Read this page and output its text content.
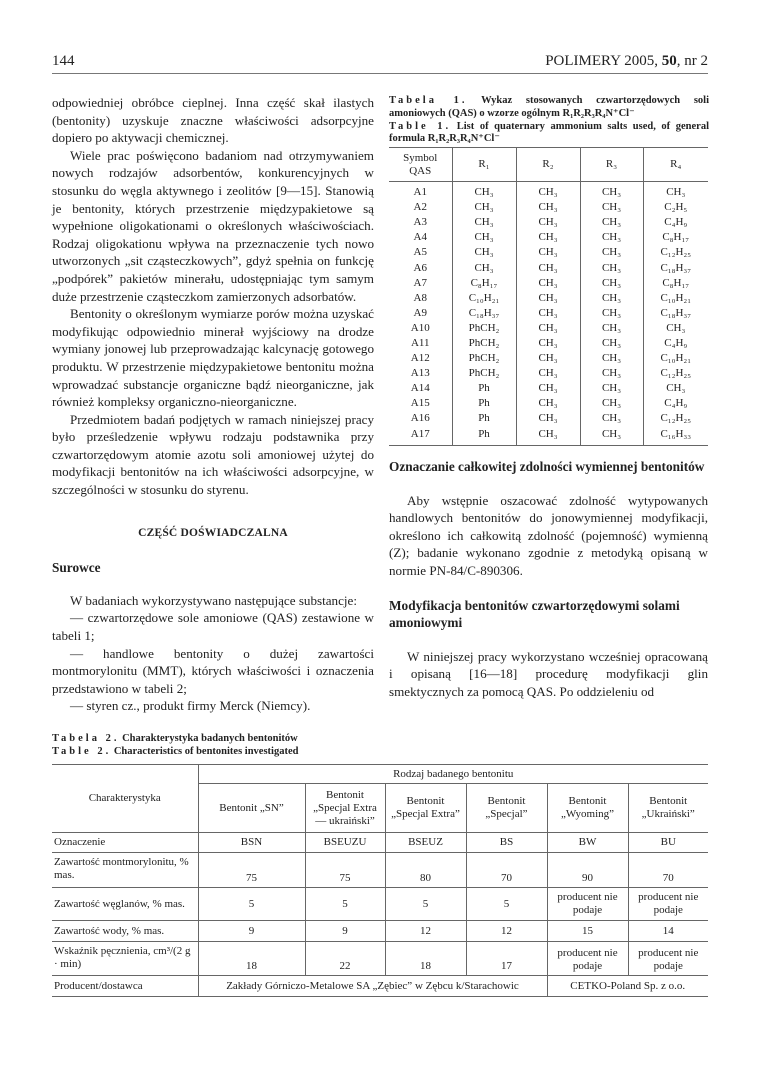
144	POLIMERY 2005, 50, nr 2

odpowiedniej obróbce cieplnej. Inna część skał ilastych (bentonity) uzyskuje znaczne właściwości adsorpcyjne dopiero po aktywacji chemicznej.

Wiele prac poświęcono badaniom nad otrzymywaniem nowych rodzajów adsorbentów, konkurencyjnych w stosunku do węgla aktywnego i zeolitów [9—15]. Stanowią je bentonity, których przestrzenie międzypakietowe są wypełnione oligokationami o określonych właściwościach. Rodzaj oligokationu wpływa na przeznaczenie tych nowo utworzonych „sit cząsteczkowych”, gdyż spełnia on funkcję „podpórek” pakietów minerału, udostępniając tym samym duże przestrzenie cząsteczkom zamierzonych adsorbatów.

Bentonity o określonym wymiarze porów można uzyskać modyfikując odpowiednio minerał wyjściowy na drodze wymiany jonowej lub przeprowadzając kalcynację gotowego produktu. W przestrzenie międzypakietowe bentonitu można wprowadzać substancje organiczne bądź nieorganiczne, jak również kompleksy organiczno-nieorganiczne.

Przedmiotem badań podjętych w ramach niniejszej pracy było prześledzenie wpływu rodzaju podstawnika przy czwartorzędowym atomie azotu soli amoniowej użytej do modyfikacji bentonitów na ich właściwości adsorpcyjne, w szczególności w stosunku do styrenu.

CZĘŚĆ DOŚWIADCZALNA

Surowce

W badaniach wykorzystywano następujące substancje:

— czwartorzędowe sole amoniowe (QAS) zestawione w tabeli 1;

— handlowe bentonity o dużej zawartości montmorylonitu (MMT), których właściwości i oznaczenia przedstawiono w tabeli 2;

— styren cz., produkt firmy Merck (Niemcy).

Tabela 1. Wykaz stosowanych czwartorzędowych soli amoniowych (QAS) o wzorze ogólnym R₁R₂R₃R₄N⁺Cl⁻

Table 1. List of quaternary ammonium salts used, of general formula R₁R₂R₃R₄N⁺Cl⁻

Symbol QAS	R₁	R₂	R₃	R₄
A1	CH₃	CH₃	CH₃	CH₃
A2	CH₃	CH₃	CH₃	C₂H₅
A3	CH₃	CH₃	CH₃	C₄H₉
A4	CH₃	CH₃	CH₃	C₈H₁₇
A5	CH₃	CH₃	CH₃	C₁₂H₂₅
A6	CH₃	CH₃	CH₃	C₁₈H₃₇
A7	C₈H₁₇	CH₃	CH₃	C₈H₁₇
A8	C₁₀H₂₁	CH₃	CH₃	C₁₀H₂₁
A9	C₁₈H₃₇	CH₃	CH₃	C₁₈H₃₇
A10	PhCH₂	CH₃	CH₃	CH₃
A11	PhCH₂	CH₃	CH₃	C₄H₉
A12	PhCH₂	CH₃	CH₃	C₁₀H₂₁
A13	PhCH₂	CH₃	CH₃	C₁₂H₂₅
A14	Ph	CH₃	CH₃	CH₃
A15	Ph	CH₃	CH₃	C₄H₉
A16	Ph	CH₃	CH₃	C₁₂H₂₅
A17	Ph	CH₃	CH₃	C₁₆H₃₃

Oznaczanie całkowitej zdolności wymiennej bentonitów

Aby wstępnie oszacować zdolność wytypowanych handlowych bentonitów do jonowymiennej modyfikacji, określono ich całkowitą zdolność (pojemność) wymienną (Z); badanie wykonano zgodnie z metodyką opisaną w normie PN-84/C-890306.

Modyfikacja bentonitów czwartorzędowymi solami amoniowymi

W niniejszej pracy wykorzystano wcześniej opracowaną i opisaną [16—18] procedurę modyfikacji glin smektycznych za pomocą QAS. Po oddzieleniu od

Tabela 2. Charakterystyka badanych bentonitów

Table 2. Characteristics of bentonites investigated

Charakterystyka	Rodzaj badanego bentonitu					
	Bentonit „SN”	Bentonit „Specjal Extra — ukraiński”	Bentonit „Specjal Extra”	Bentonit „Specjal”	Bentonit „Wyoming”	Bentonit „Ukraiński”
Oznaczenie	BSN	BSEUZU	BSEUZ	BS	BW	BU
Zawartość montmorylonitu, % mas.	75	75	80	70	90	70
Zawartość węglanów, % mas.	5	5	5	5	producent nie podaje	producent nie podaje
Zawartość wody, % mas.	9	9	12	12	15	14
Wskaźnik pęcznienia, cm³/(2 g · min)	18	22	18	17	producent nie podaje	producent nie podaje
Producent/dostawca	Zakłady Górniczo-Metalowe SA „Zębiec” w Zębcu k/Starachowic				CETKO-Poland Sp. z o.o.	
